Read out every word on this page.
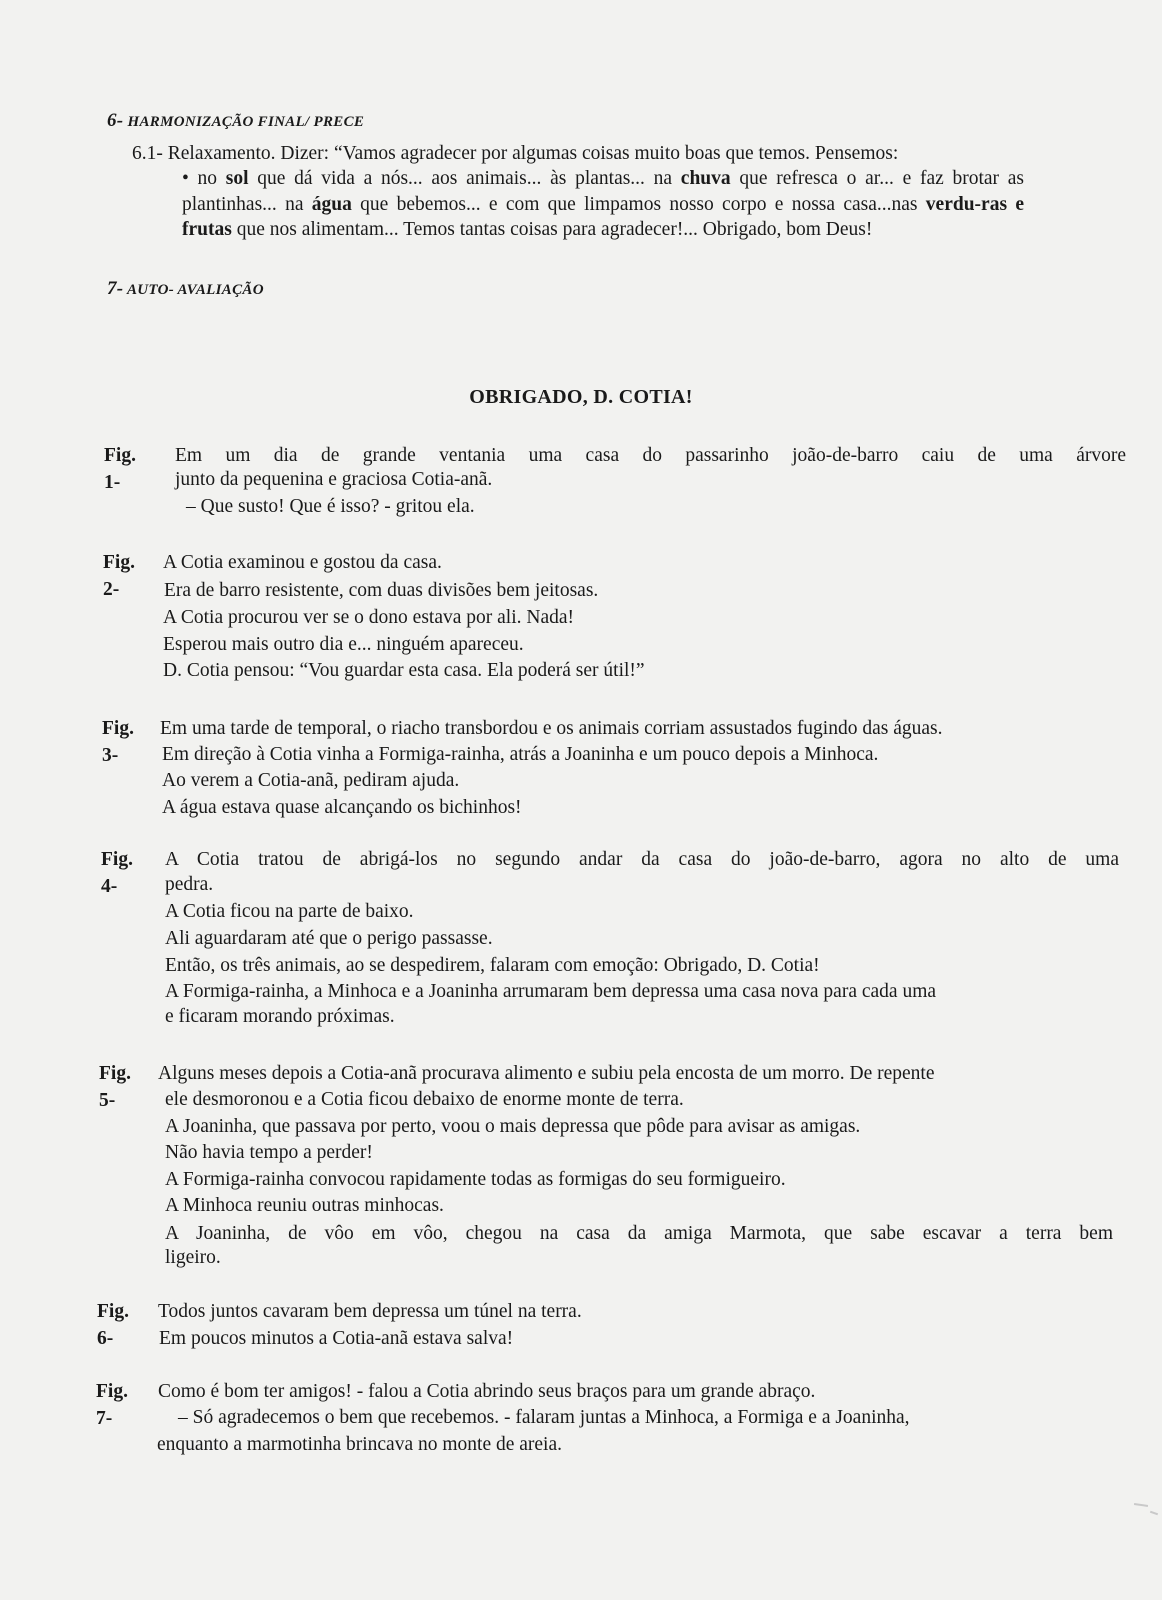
6- HARMONIZAÇÃO FINAL/ PRECE
6.1- Relaxamento. Dizer: “Vamos agradecer por algumas coisas muito boas que temos. Pensemos:
• no sol que dá vida a nós... aos animais... às plantas... na chuva que refresca o ar... e faz brotar as plantinhas... na água que bebemos... e com que limpamos nosso corpo e nossa casa...nas verdu-ras e frutas que nos alimentam... Temos tantas coisas para agradecer!... Obrigado, bom Deus!
7- AUTO- AVALIAÇÃO
OBRIGADO, D. COTIA!
Fig. 1-
Em um dia de grande ventania uma casa do passarinho joão-de-barro caiu de uma árvore
junto da pequenina e graciosa Cotia-anã.
– Que susto! Que é isso? - gritou ela.
Fig. 2-
A Cotia examinou e gostou da casa.
Era de barro resistente, com duas divisões bem jeitosas.
A Cotia procurou ver se o dono estava por ali. Nada!
Esperou mais outro dia e... ninguém apareceu.
D. Cotia pensou: “Vou guardar esta casa. Ela poderá ser útil!”
Fig. 3-
Em uma tarde de temporal, o riacho transbordou e os animais corriam assustados fugindo das águas.
Em direção à Cotia vinha a Formiga-rainha, atrás a Joaninha e um pouco depois a Minhoca.
Ao verem a Cotia-anã, pediram ajuda.
A água estava quase alcançando os bichinhos!
Fig. 4-
A Cotia tratou de abrigá-los no segundo andar da casa do joão-de-barro, agora no alto de uma
pedra.
A Cotia ficou na parte de baixo.
Ali aguardaram até que o perigo passasse.
Então, os três animais, ao se despedirem, falaram com emoção: Obrigado, D. Cotia!
A Formiga-rainha, a Minhoca e a Joaninha arrumaram bem depressa uma casa nova para cada uma
e ficaram morando próximas.
Fig. 5-
Alguns meses depois a Cotia-anã procurava alimento e subiu pela encosta de um morro. De repente
ele desmoronou e a Cotia ficou debaixo de enorme monte de terra.
A Joaninha, que passava por perto, voou o mais depressa que pôde para avisar as amigas.
Não havia tempo a perder!
A Formiga-rainha convocou rapidamente todas as formigas do seu formigueiro.
A Minhoca reuniu outras minhocas.
A Joaninha, de vôo em vôo, chegou na casa da amiga Marmota, que sabe escavar a terra bem
ligeiro.
Fig. 6-
Todos juntos cavaram bem depressa um túnel na terra.
Em poucos minutos a Cotia-anã estava salva!
Fig. 7-
Como é bom ter amigos! - falou a Cotia abrindo seus braços para um grande abraço.
– Só agradecemos o bem que recebemos. - falaram juntas a Minhoca, a Formiga e a Joaninha,
enquanto a marmotinha brincava no monte de areia.
